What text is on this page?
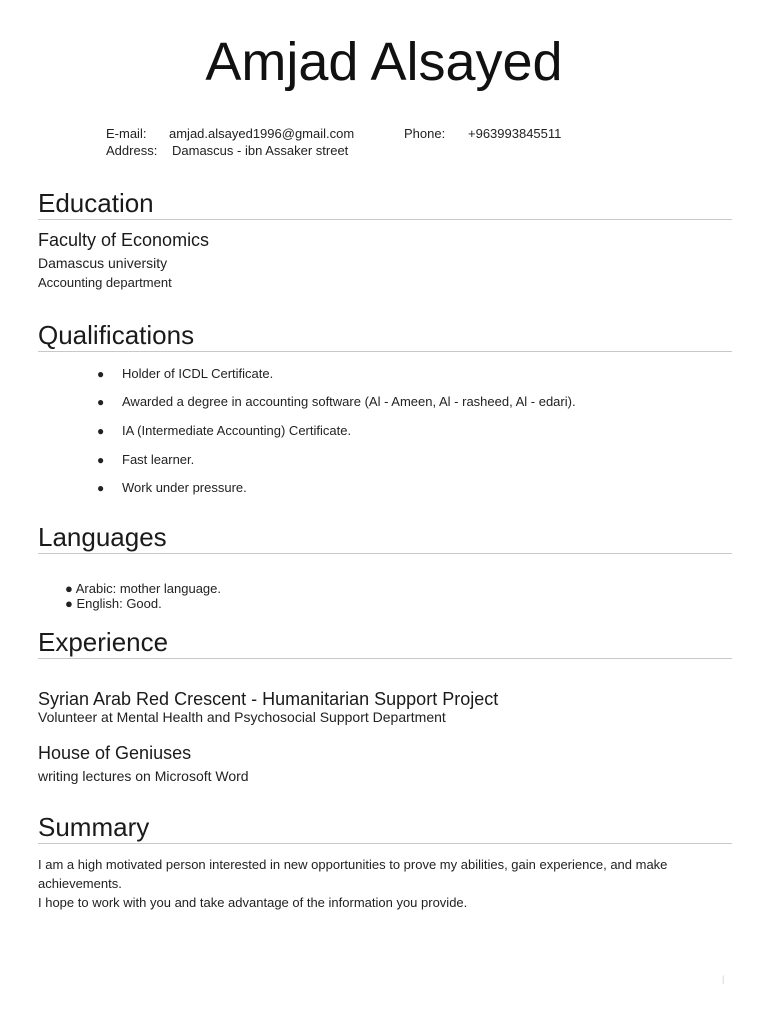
Amjad Alsayed
E-mail: amjad.alsayed1996@gmail.com	Phone: +963993845511
Address: Damascus - ibn Assaker street
Education
Faculty of Economics
Damascus university
Accounting department
Qualifications
● Holder of ICDL Certificate.
● Awarded a degree in accounting software (Al - Ameen, Al - rasheed, Al - edari).
● IA (Intermediate Accounting) Certificate.
● Fast learner.
● Work under pressure.
Languages
● Arabic: mother language.
● English: Good.
Experience
Syrian Arab Red Crescent - Humanitarian Support Project
Volunteer at Mental Health and Psychosocial Support Department
House of Geniuses
writing lectures on Microsoft Word
Summary

I am a high motivated person interested in new opportunities to prove my abilities, gain experience, and make achievements.

I hope to work with you and take advantage of the information you provide.

|
